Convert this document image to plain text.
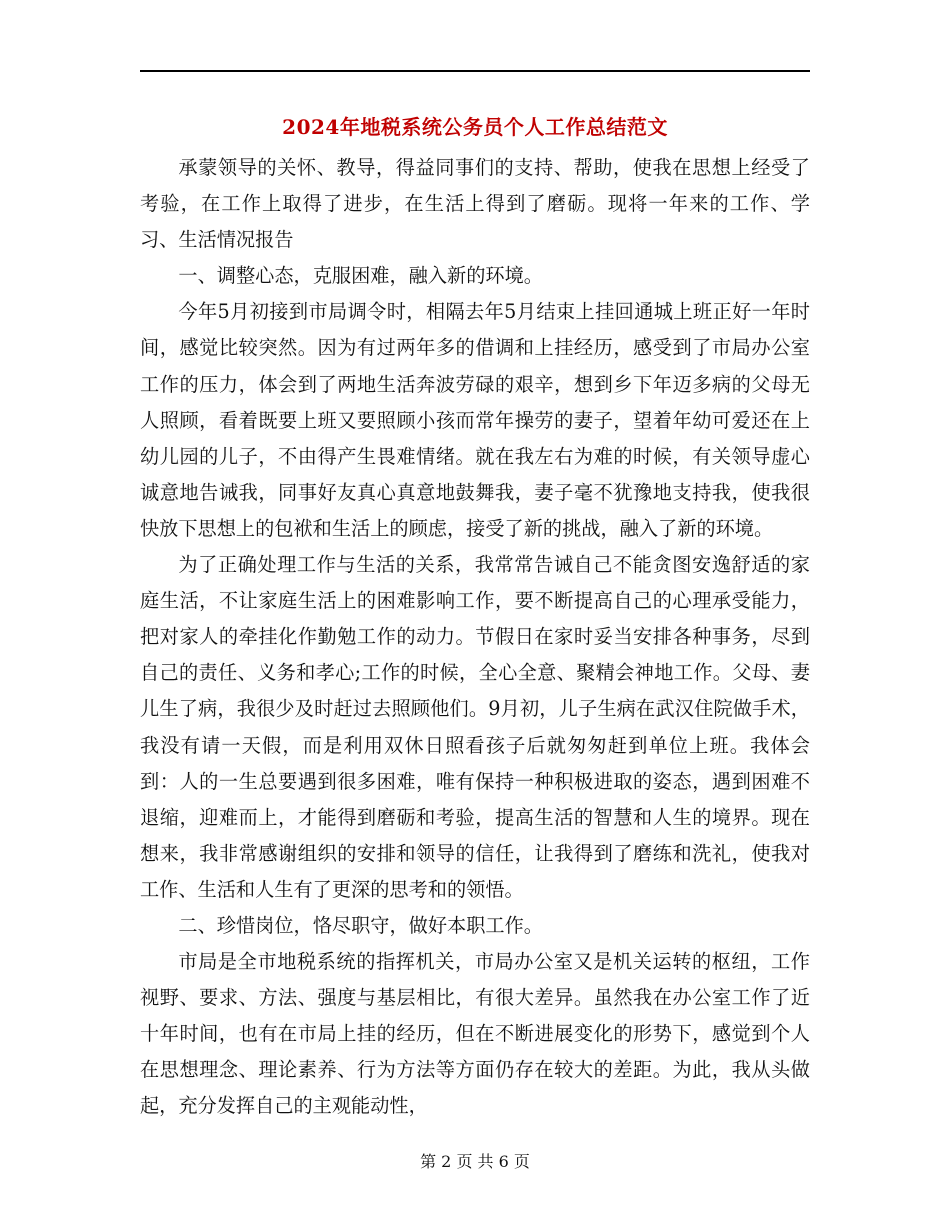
2024年地税系统公务员个人工作总结范文

承蒙领导的关怀、教导，得益同事们的支持、帮助，使我在思想上经受了考验，在工作上取得了进步，在生活上得到了磨砺。现将一年来的工作、学习、生活情况报告

一、调整心态，克服困难，融入新的环境。

今年5月初接到市局调令时，相隔去年5月结束上挂回通城上班正好一年时间，感觉比较突然。因为有过两年多的借调和上挂经历，感受到了市局办公室工作的压力，体会到了两地生活奔波劳碌的艰辛，想到乡下年迈多病的父母无人照顾，看着既要上班又要照顾小孩而常年操劳的妻子，望着年幼可爱还在上幼儿园的儿子，不由得产生畏难情绪。就在我左右为难的时候，有关领导虚心诚意地告诫我，同事好友真心真意地鼓舞我，妻子毫不犹豫地支持我，使我很快放下思想上的包袱和生活上的顾虑，接受了新的挑战，融入了新的环境。

为了正确处理工作与生活的关系，我常常告诫自己不能贪图安逸舒适的家庭生活，不让家庭生活上的困难影响工作，要不断提高自己的心理承受能力，把对家人的牵挂化作勤勉工作的动力。节假日在家时妥当安排各种事务，尽到自己的责任、义务和孝心;工作的时候，全心全意、聚精会神地工作。父母、妻儿生了病，我很少及时赶过去照顾他们。9月初，儿子生病在武汉住院做手术，我没有请一天假，而是利用双休日照看孩子后就匆匆赶到单位上班。我体会到：人的一生总要遇到很多困难，唯有保持一种积极进取的姿态，遇到困难不退缩，迎难而上，才能得到磨砺和考验，提高生活的智慧和人生的境界。现在想来，我非常感谢组织的安排和领导的信任，让我得到了磨练和洗礼，使我对工作、生活和人生有了更深的思考和的领悟。

二、珍惜岗位，恪尽职守，做好本职工作。

市局是全市地税系统的指挥机关，市局办公室又是机关运转的枢纽，工作视野、要求、方法、强度与基层相比，有很大差异。虽然我在办公室工作了近十年时间，也有在市局上挂的经历，但在不断进展变化的形势下，感觉到个人在思想理念、理论素养、行为方法等方面仍存在较大的差距。为此，我从头做起，充分发挥自己的主观能动性，

第 2 页 共 6 页
